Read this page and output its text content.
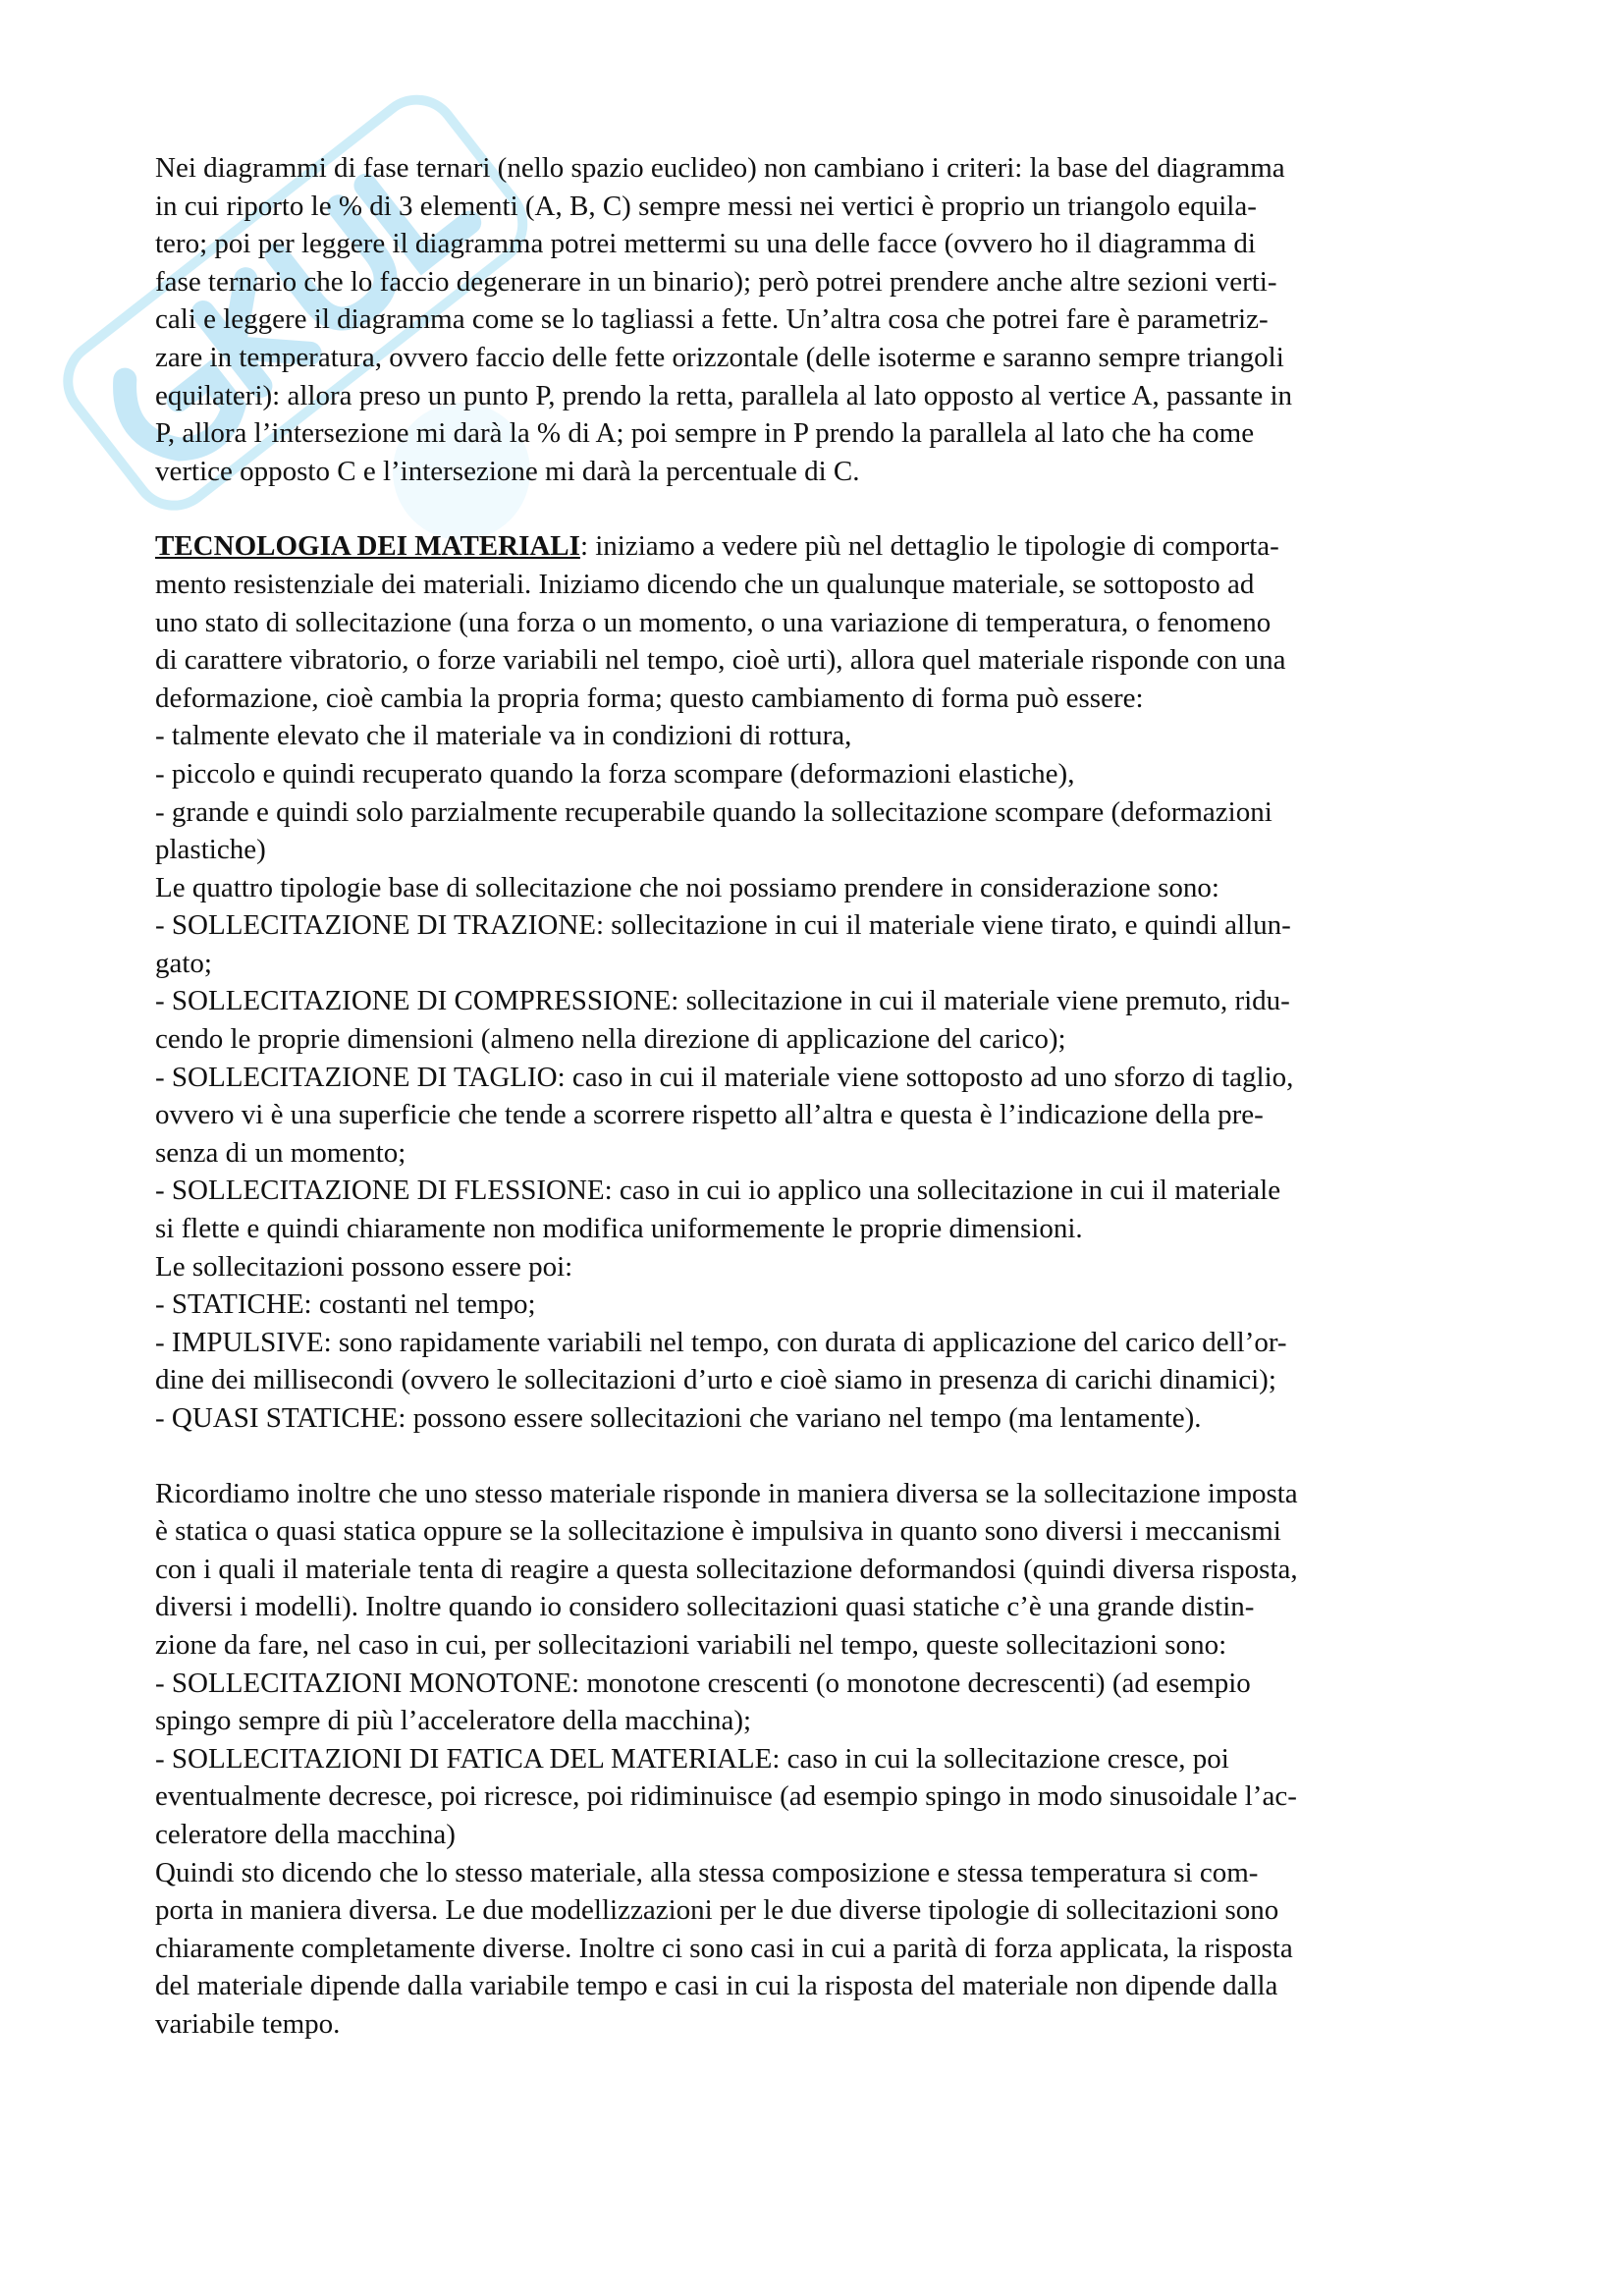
Nei diagrammi di fase ternari (nello spazio euclideo) non cambiano i criteri: la base del diagramma

in cui riporto le % di 3 elementi (A, B, C) sempre messi nei vertici è proprio un triangolo equila-

tero; poi per leggere il diagramma potrei mettermi su una delle facce (ovvero ho il diagramma di

fase ternario che lo faccio degenerare in un binario); però potrei prendere anche altre sezioni verti-

cali e leggere il diagramma come se lo tagliassi a fette. Un’altra cosa che potrei fare è parametriz-

zare in temperatura, ovvero faccio delle fette orizzontale (delle isoterme e saranno sempre triangoli

equilateri): allora preso un punto P, prendo la retta, parallela al lato opposto al vertice A, passante in

P, allora l’intersezione mi darà la % di A; poi sempre in P prendo la parallela al lato che ha come

vertice opposto C e l’intersezione mi darà la percentuale di C.

TECNOLOGIA DEI MATERIALI: iniziamo a vedere più nel dettaglio le tipologie di comporta-

mento resistenziale dei materiali. Iniziamo dicendo che un qualunque materiale, se sottoposto ad

uno stato di sollecitazione (una forza o un momento, o una variazione di temperatura, o fenomeno

di carattere vibratorio, o forze variabili nel tempo, cioè urti), allora quel materiale risponde con una

deformazione, cioè cambia la propria forma; questo cambiamento di forma può essere:

- talmente elevato che il materiale va in condizioni di rottura,

- piccolo e quindi recuperato quando la forza scompare (deformazioni elastiche),

- grande e quindi solo parzialmente recuperabile quando la sollecitazione scompare (deformazioni

plastiche)

Le quattro tipologie base di sollecitazione che noi possiamo prendere in considerazione sono:

- SOLLECITAZIONE DI TRAZIONE: sollecitazione in cui il materiale viene tirato, e quindi allun-

gato;

- SOLLECITAZIONE DI COMPRESSIONE: sollecitazione in cui il materiale viene premuto, ridu-

cendo le proprie dimensioni (almeno nella direzione di applicazione del carico);

- SOLLECITAZIONE DI TAGLIO: caso in cui il materiale viene sottoposto ad uno sforzo di taglio,

ovvero vi è una superficie che tende a scorrere rispetto all’altra e questa è l’indicazione della pre-

senza di un momento;

- SOLLECITAZIONE DI FLESSIONE: caso in cui io applico una sollecitazione in cui il materiale

si flette e quindi chiaramente non modifica uniformemente le proprie dimensioni.

Le sollecitazioni possono essere poi:

- STATICHE: costanti nel tempo;

- IMPULSIVE: sono rapidamente variabili nel tempo, con durata di applicazione del carico dell’or-

dine dei millisecondi (ovvero le sollecitazioni d’urto e cioè siamo in presenza di carichi dinamici);

- QUASI STATICHE: possono essere sollecitazioni che variano nel tempo (ma lentamente).

Ricordiamo inoltre che uno stesso materiale risponde in maniera diversa se la sollecitazione imposta

è statica o quasi statica oppure se la sollecitazione è impulsiva in quanto sono diversi i meccanismi

con i quali il materiale tenta di reagire a questa sollecitazione deformandosi (quindi diversa risposta,

diversi i modelli). Inoltre quando io considero sollecitazioni quasi statiche c’è una grande distin-

zione da fare, nel caso in cui, per sollecitazioni variabili nel tempo, queste sollecitazioni sono:

- SOLLECITAZIONI MONOTONE: monotone crescenti (o monotone decrescenti) (ad esempio

spingo sempre di più l’acceleratore della macchina);

- SOLLECITAZIONI DI FATICA DEL MATERIALE: caso in cui la sollecitazione cresce, poi

eventualmente decresce, poi ricresce, poi ridiminuisce (ad esempio spingo in modo sinusoidale l’ac-

celeratore della macchina)

Quindi sto dicendo che lo stesso materiale, alla stessa composizione e stessa temperatura si com-

porta in maniera diversa. Le due modellizzazioni per le due diverse tipologie di sollecitazioni sono

chiaramente completamente diverse. Inoltre ci sono casi in cui a parità di forza applicata, la risposta

del materiale dipende dalla variabile tempo e casi in cui la risposta del materiale non dipende dalla

variabile tempo.
